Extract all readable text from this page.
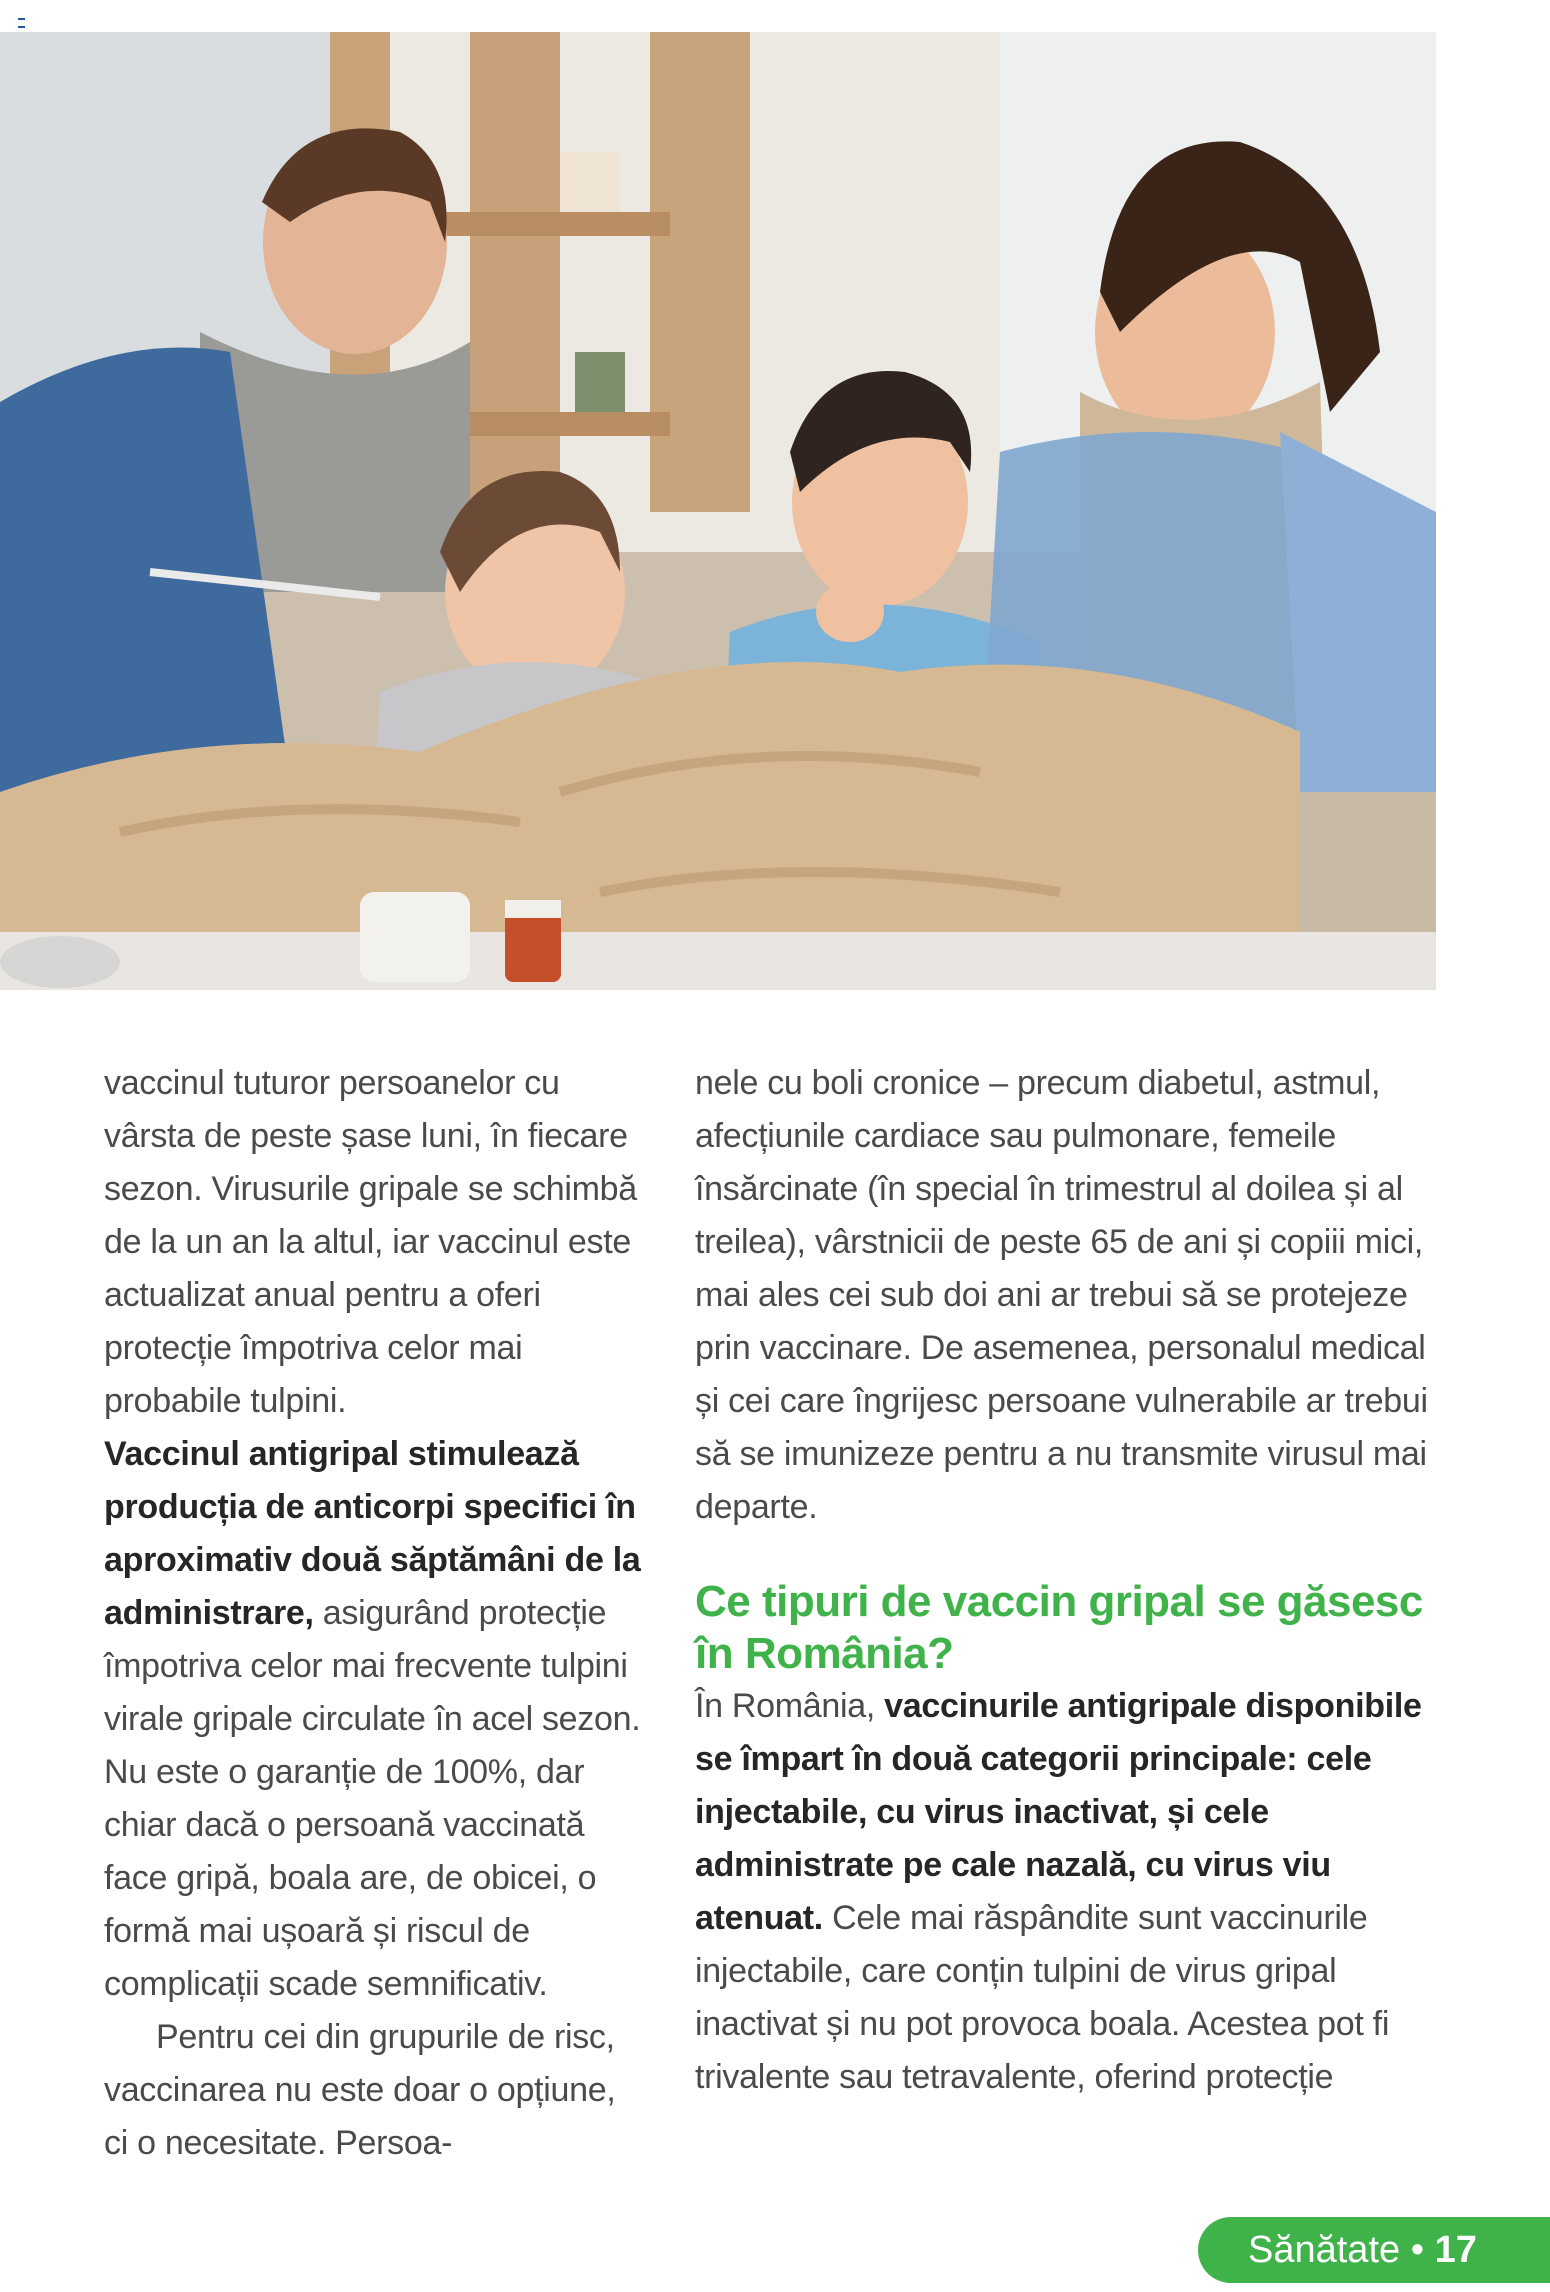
vaccinul tuturor persoanelor cu vârsta de peste șase luni, în fiecare sezon. Virusurile gripale se schimbă de la un an la altul, iar vaccinul este actualizat anual pentru a oferi protecție împotriva celor mai probabile tulpini.

Vaccinul antigripal stimulează producția de anticorpi specifici în aproximativ două săptămâni de la administrare, asigurând protecție împotriva celor mai frecvente tulpini virale gripale circulate în acel sezon. Nu este o garanție de 100%, dar chiar dacă o persoană vaccinată face gripă, boala are, de obicei, o formă mai ușoară și riscul de complicații scade semnificativ.

Pentru cei din grupurile de risc, vaccinarea nu este doar o opțiune, ci o necesitate. Persoa-

nele cu boli cronice – precum diabetul, astmul, afecțiunile cardiace sau pulmonare, femeile însărcinate (în special în trimestrul al doilea și al treilea), vârstnicii de peste 65 de ani și copiii mici, mai ales cei sub doi ani ar trebui să se protejeze prin vaccinare. De asemenea, personalul medical și cei care îngrijesc persoane vulnerabile ar trebui să se imunizeze pentru a nu transmite virusul mai departe.

Ce tipuri de vaccin gripal se găsesc în România?

În România, vaccinurile antigripale disponibile se împart în două categorii principale: cele injectabile, cu virus inactivat, și cele administrate pe cale nazală, cu virus viu atenuat. Cele mai răspândite sunt vaccinurile injectabile, care conțin tulpini de virus gripal inactivat și nu pot provoca boala. Acestea pot fi trivalente sau tetravalente, oferind protecție

Sănătate • 17
